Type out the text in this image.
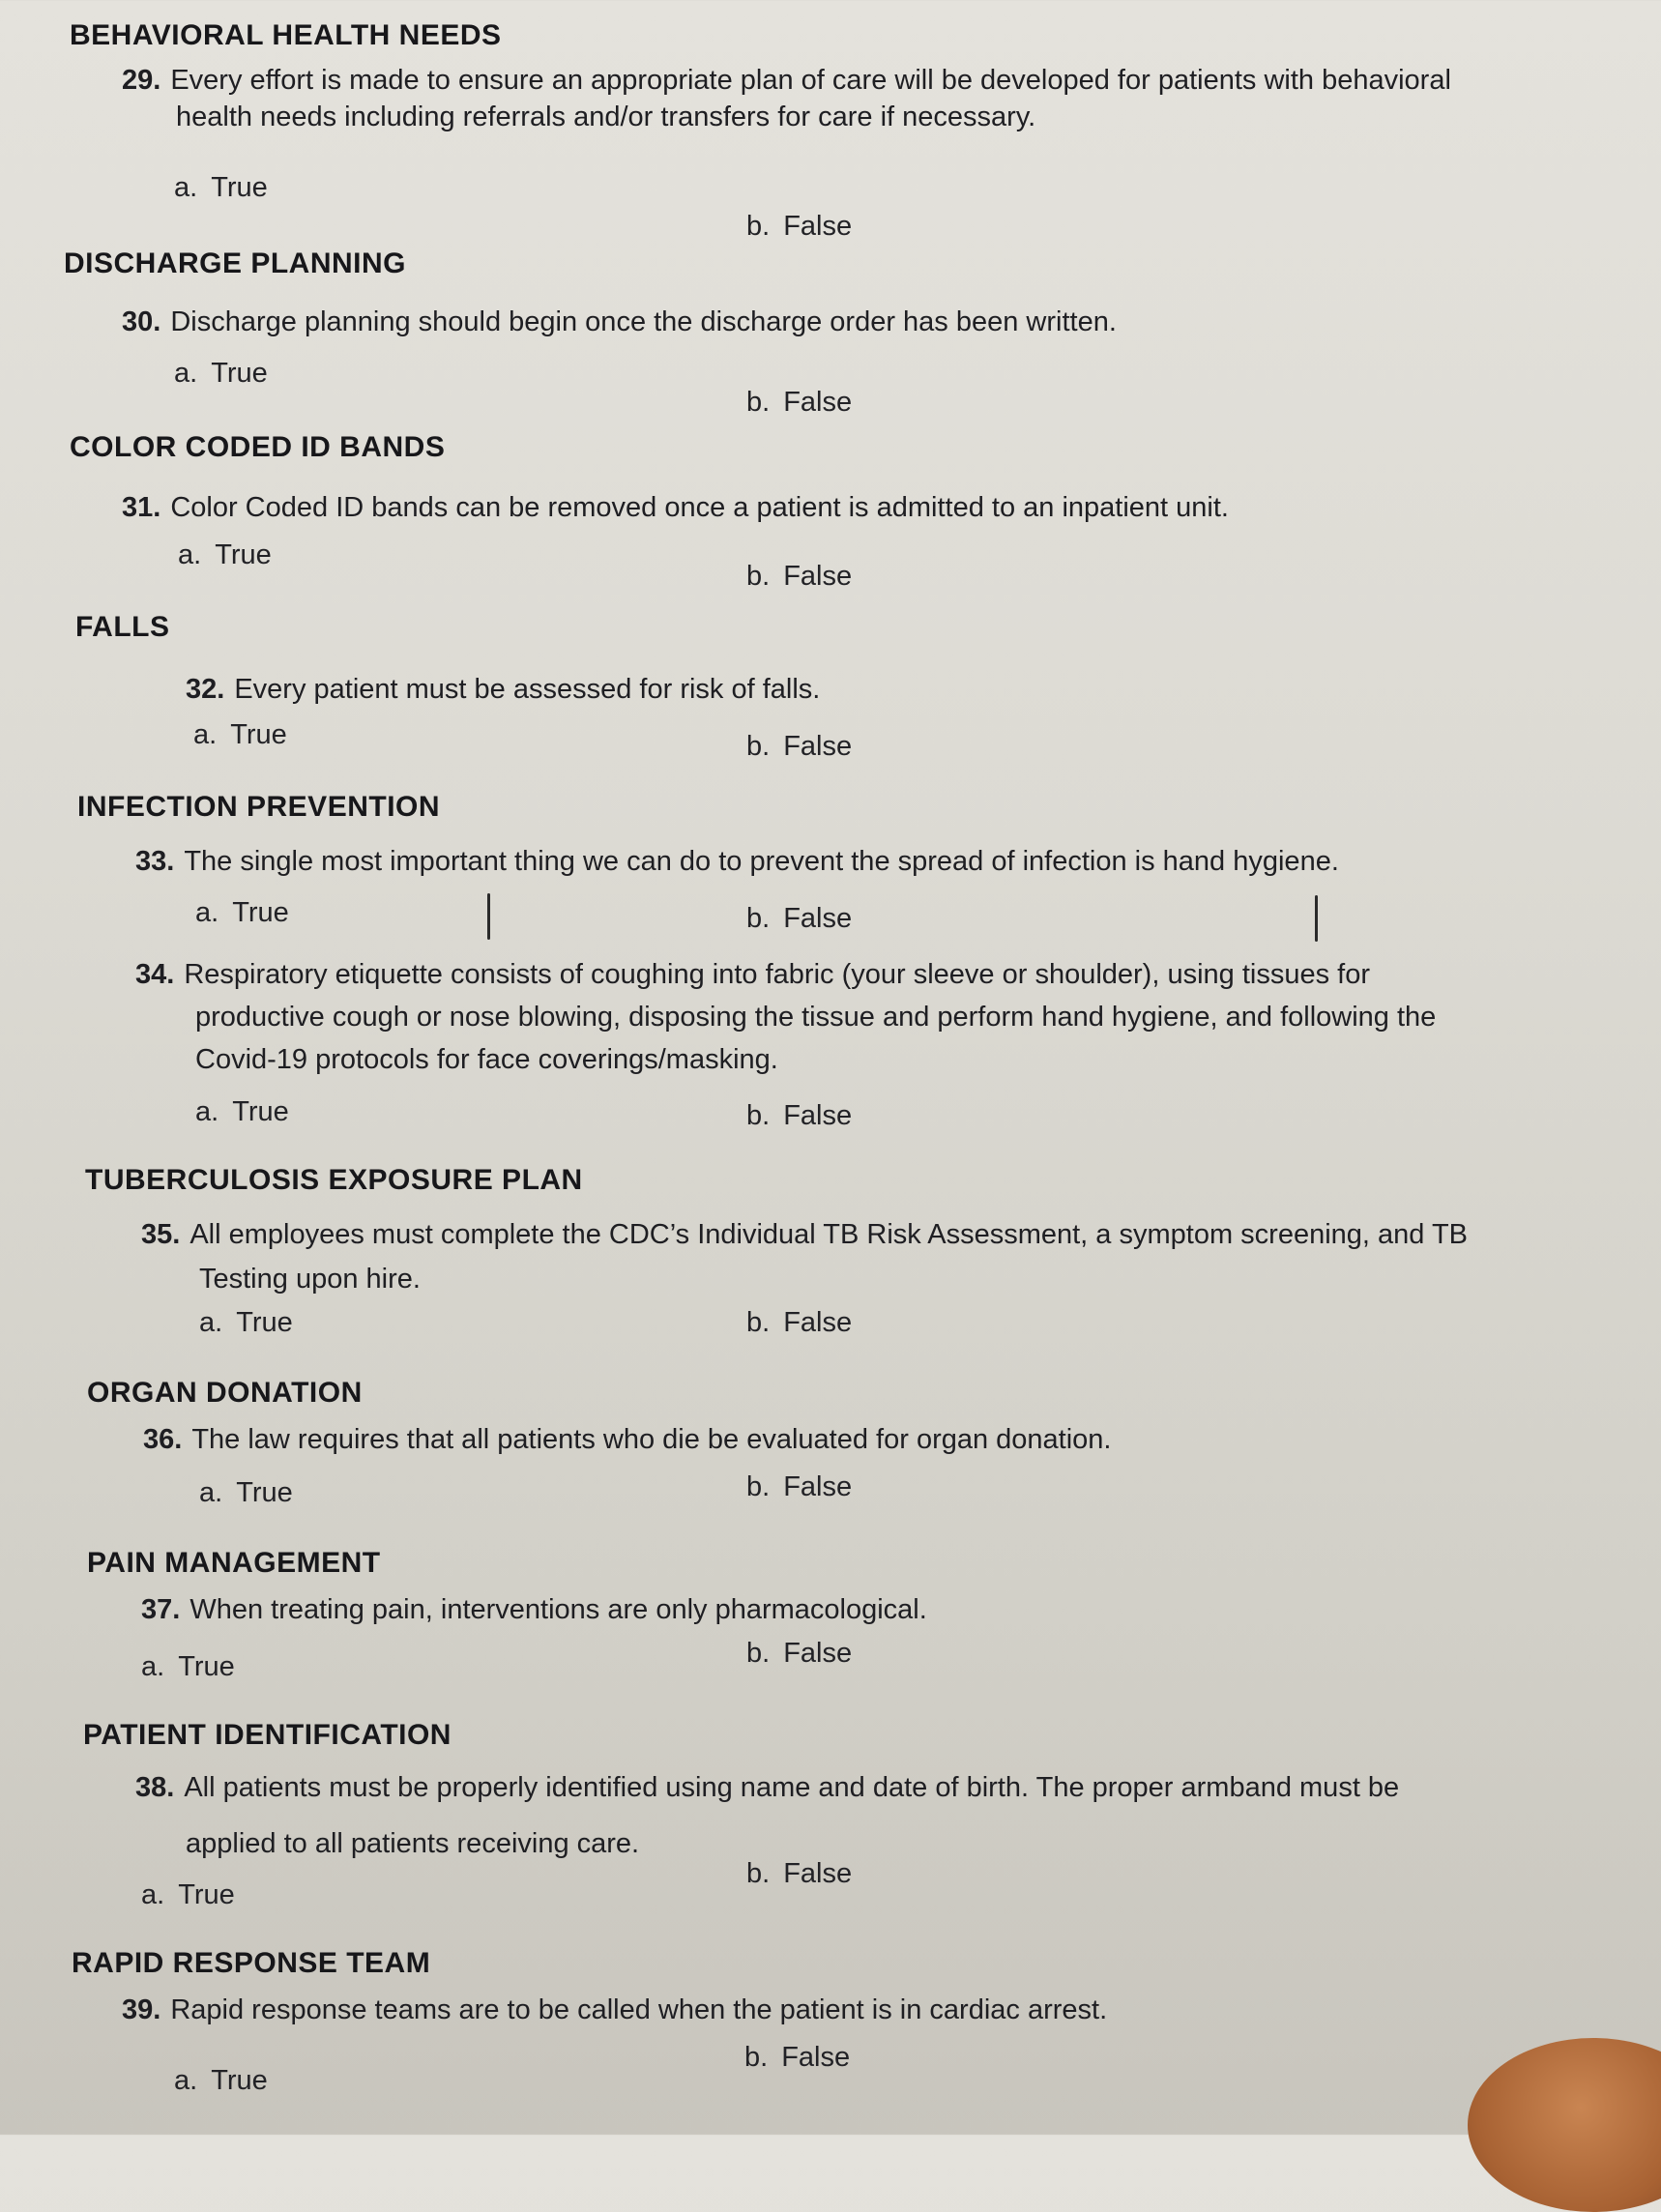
BEHAVIORAL HEALTH NEEDS
29. Every effort is made to ensure an appropriate plan of care will be developed for patients with behavioral
health needs including referrals and/or transfers for care if necessary.
a. True
b. False
DISCHARGE PLANNING
30. Discharge planning should begin once the discharge order has been written.
a. True
b. False
COLOR CODED ID BANDS
31. Color Coded ID bands can be removed once a patient is admitted to an inpatient unit.
a. True
b. False
FALLS
32. Every patient must be assessed for risk of falls.
a. True	b. False
INFECTION PREVENTION
33. The single most important thing we can do to prevent the spread of infection is hand hygiene.
a. True	b. False
34. Respiratory etiquette consists of coughing into fabric (your sleeve or shoulder), using tissues for
productive cough or nose blowing, disposing the tissue and perform hand hygiene, and following the
Covid-19 protocols for face coverings/masking.
a. True	b. False
TUBERCULOSIS EXPOSURE PLAN
35. All employees must complete the CDC’s Individual TB Risk Assessment, a symptom screening, and TB
Testing upon hire.
a. True	b. False
ORGAN DONATION
36. The law requires that all patients who die be evaluated for organ donation.
a. True	b. False
PAIN MANAGEMENT
37. When treating pain, interventions are only pharmacological.
a. True	b. False
PATIENT IDENTIFICATION
38. All patients must be properly identified using name and date of birth. The proper armband must be
applied to all patients receiving care.
a. True
b. False
RAPID RESPONSE TEAM
39. Rapid response teams are to be called when the patient is in cardiac arrest.
a. True
b. False
